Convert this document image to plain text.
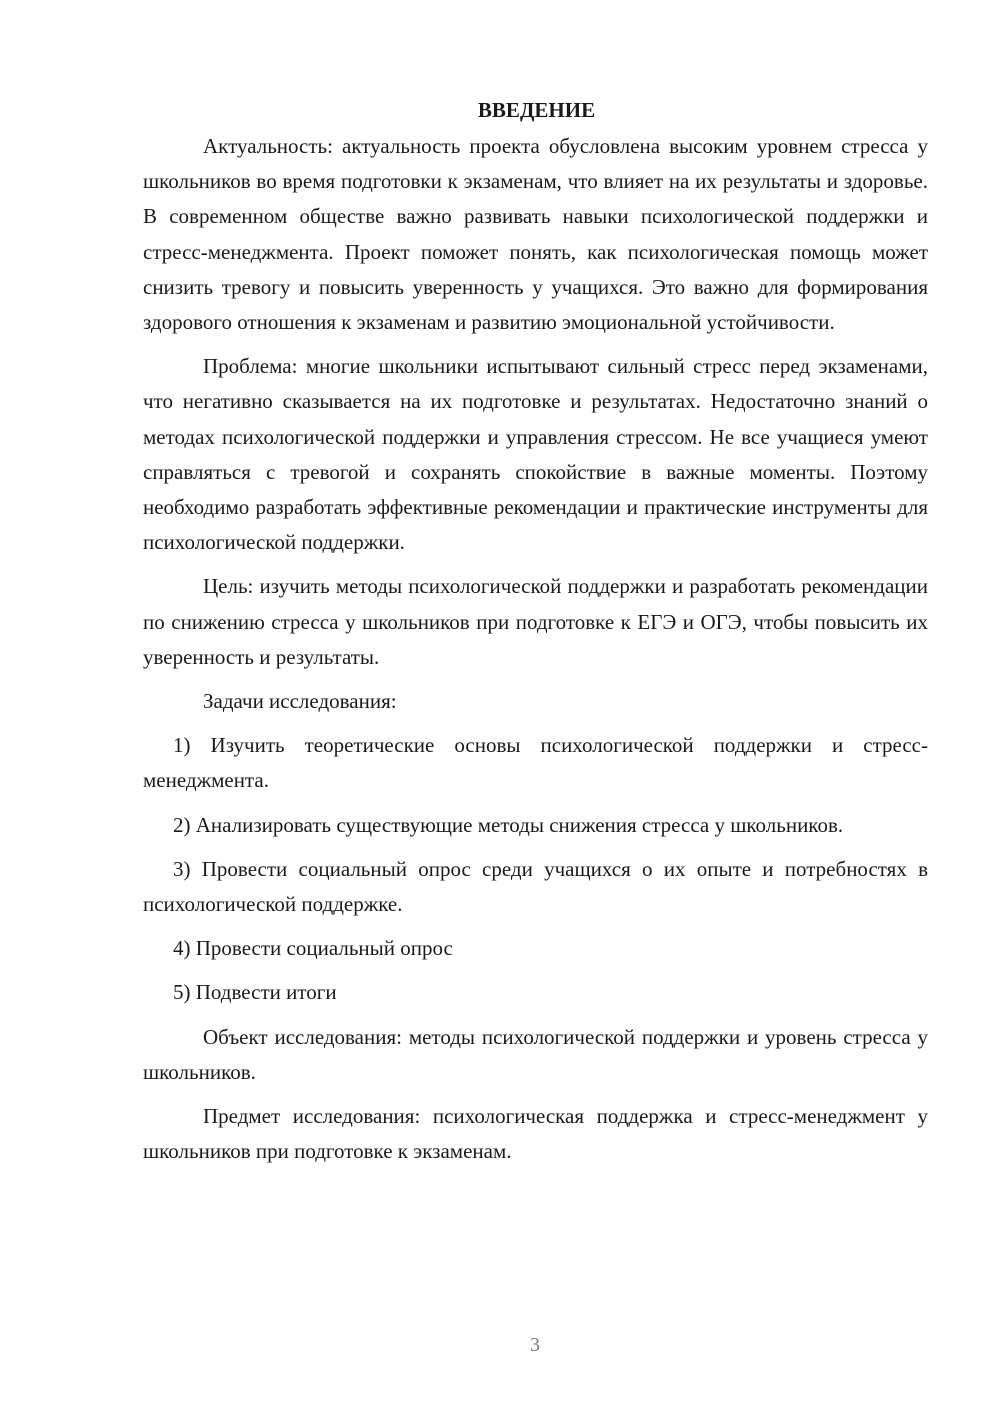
ВВЕДЕНИЕ

Актуальность: актуальность проекта обусловлена высоким уровнем стресса у школьников во время подготовки к экзаменам, что влияет на их результаты и здоровье. В современном обществе важно развивать навыки психологической поддержки и стресс-менеджмента. Проект поможет понять, как психологическая помощь может снизить тревогу и повысить уверенность у учащихся. Это важно для формирования здорового отношения к экзаменам и развитию эмоциональной устойчивости.

Проблема: многие школьники испытывают сильный стресс перед экзаменами, что негативно сказывается на их подготовке и результатах. Недостаточно знаний о методах психологической поддержки и управления стрессом. Не все учащиеся умеют справляться с тревогой и сохранять спокойствие в важные моменты. Поэтому необходимо разработать эффективные рекомендации и практические инструменты для психологической поддержки.

Цель: изучить методы психологической поддержки и разработать рекомендации по снижению стресса у школьников при подготовке к ЕГЭ и ОГЭ, чтобы повысить их уверенность и результаты.

Задачи исследования:

1) Изучить теоретические основы психологической поддержки и стресс-менеджмента.

2) Анализировать существующие методы снижения стресса у школьников.

3) Провести социальный опрос среди учащихся о их опыте и потребностях в психологической поддержке.

4) Провести социальный опрос

5) Подвести итоги

Объект исследования: методы психологической поддержки и уровень стресса у школьников.

Предмет исследования: психологическая поддержка и стресс-менеджмент у школьников при подготовке к экзаменам.

3
